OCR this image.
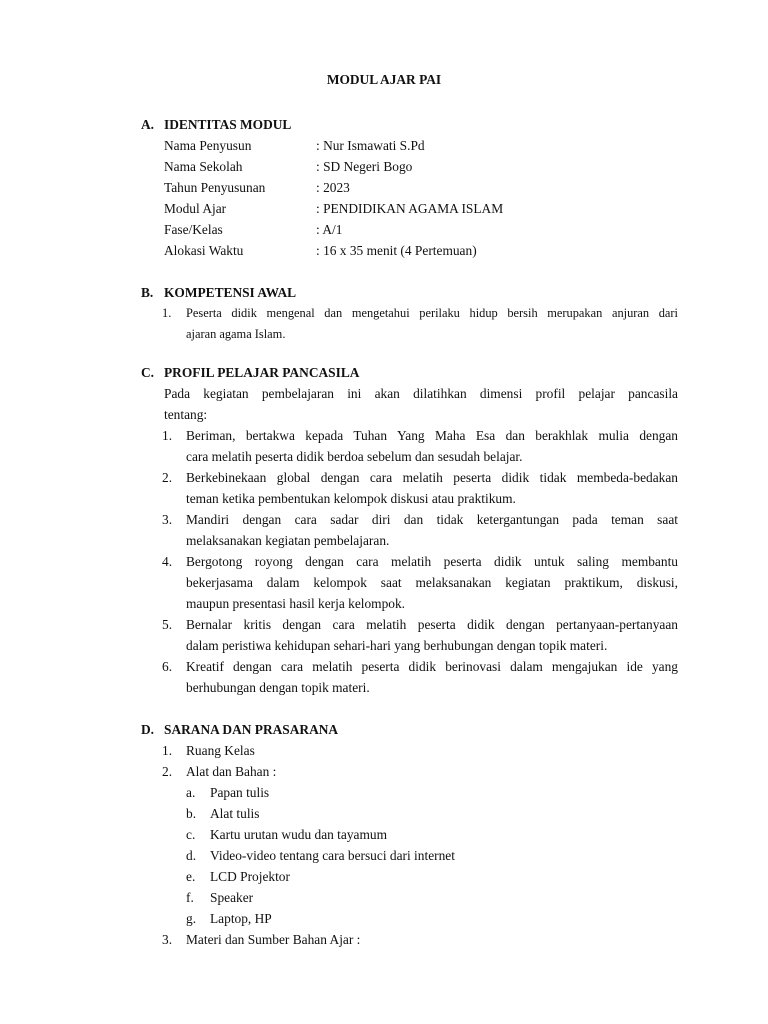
MODUL AJAR PAI
A. IDENTITAS MODUL
Nama Penyusun	: Nur Ismawati S.Pd
Nama Sekolah	: SD Negeri Bogo
Tahun Penyusunan	: 2023
Modul Ajar	: PENDIDIKAN AGAMA ISLAM
Fase/Kelas	: A/1
Alokasi Waktu	: 16 x 35 menit (4 Pertemuan)
B. KOMPETENSI AWAL
1. Peserta didik mengenal dan mengetahui perilaku hidup bersih merupakan anjuran dari
ajaran agama Islam.
C. PROFIL PELAJAR PANCASILA
Pada kegiatan pembelajaran ini akan dilatihkan dimensi profil pelajar pancasila
tentang:
1. Beriman, bertakwa kepada Tuhan Yang Maha Esa dan berakhlak mulia dengan
cara melatih peserta didik berdoa sebelum dan sesudah belajar.
2. Berkebinekaan global dengan cara melatih peserta didik tidak membeda-bedakan
teman ketika pembentukan kelompok diskusi atau praktikum.
3. Mandiri dengan cara sadar diri dan tidak ketergantungan pada teman saat
melaksanakan kegiatan pembelajaran.
4. Bergotong royong dengan cara melatih peserta didik untuk saling membantu
bekerjasama dalam kelompok saat melaksanakan kegiatan praktikum, diskusi,
maupun presentasi hasil kerja kelompok.
5. Bernalar kritis dengan cara melatih peserta didik dengan pertanyaan-pertanyaan
dalam peristiwa kehidupan sehari-hari yang berhubungan dengan topik materi.
6. Kreatif dengan cara melatih peserta didik berinovasi dalam mengajukan ide yang
berhubungan dengan topik materi.
D. SARANA DAN PRASARANA
1. Ruang Kelas
2. Alat dan Bahan :
a. Papan tulis
b. Alat tulis
c. Kartu urutan wudu dan tayamum
d. Video-video tentang cara bersuci dari internet
e. LCD Projektor
f. Speaker
g. Laptop, HP
3. Materi dan Sumber Bahan Ajar :
